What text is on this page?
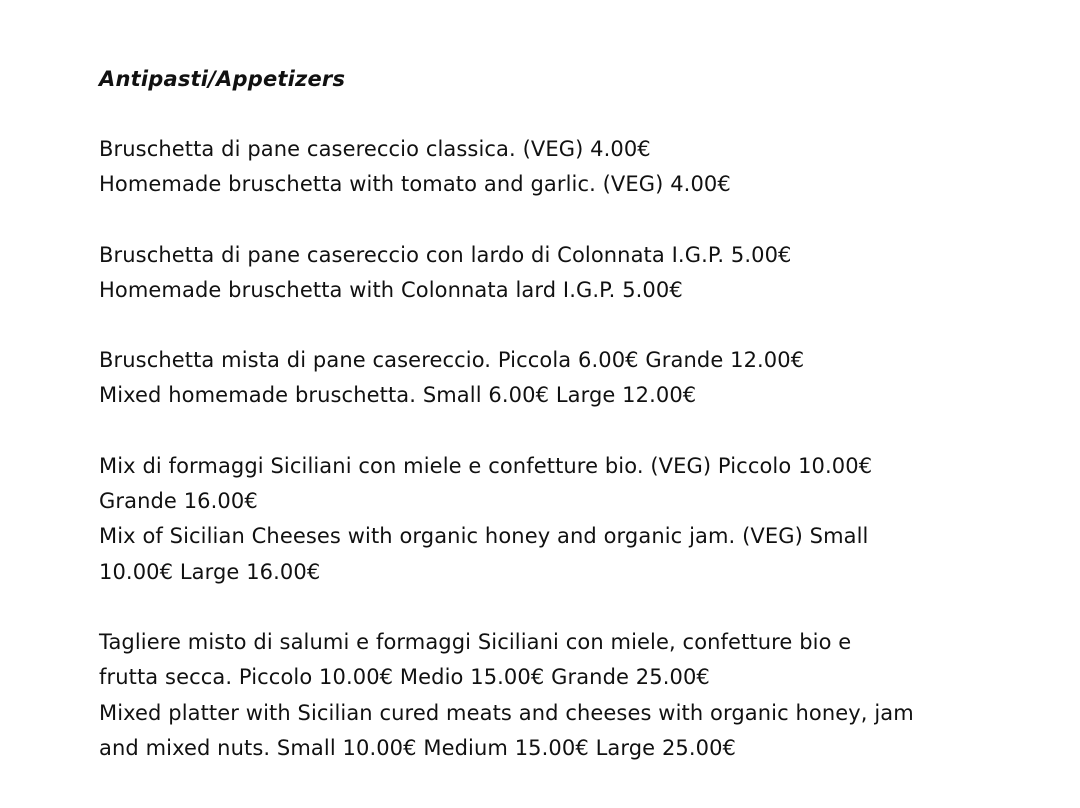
Antipasti/Appetizers
Bruschetta di pane casereccio classica. (VEG) 4.00€
Homemade bruschetta with tomato and garlic. (VEG) 4.00€
Bruschetta di pane casereccio con lardo di Colonnata I.G.P. 5.00€
Homemade bruschetta with Colonnata lard I.G.P. 5.00€
Bruschetta mista di pane casereccio. Piccola 6.00€ Grande 12.00€
Mixed homemade bruschetta. Small 6.00€ Large 12.00€
Mix di formaggi Siciliani con miele e confetture bio. (VEG) Piccolo 10.00€
Grande 16.00€
Mix of Sicilian Cheeses with organic honey and organic jam. (VEG) Small
10.00€ Large 16.00€
Tagliere misto di salumi e formaggi Siciliani con miele, confetture bio e
frutta secca. Piccolo 10.00€ Medio 15.00€ Grande 25.00€
Mixed platter with Sicilian cured meats and cheeses with organic honey, jam
and mixed nuts. Small 10.00€ Medium 15.00€ Large 25.00€
